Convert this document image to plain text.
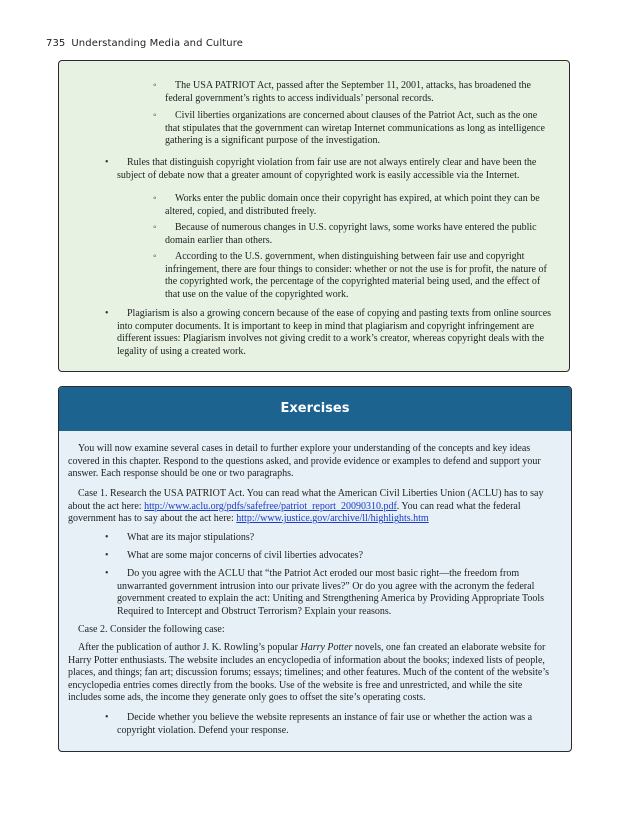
735 Understanding Media and Culture
◦	The USA PATRIOT Act, passed after the September 11, 2001, attacks, has broadened the federal government’s rights to access individuals’ personal records.
◦	Civil liberties organizations are concerned about clauses of the Patriot Act, such as the one that stipulates that the government can wiretap Internet communications as long as intelligence gathering is a significant purpose of the investigation.
•	Rules that distinguish copyright violation from fair use are not always entirely clear and have been the subject of debate now that a greater amount of copyrighted work is easily accessible via the Internet.
◦	Works enter the public domain once their copyright has expired, at which point they can be altered, copied, and distributed freely.
◦	Because of numerous changes in U.S. copyright laws, some works have entered the public domain earlier than others.
◦	According to the U.S. government, when distinguishing between fair use and copyright infringement, there are four things to consider: whether or not the use is for profit, the nature of the copyrighted work, the percentage of the copyrighted material being used, and the effect of that use on the value of the copyrighted work.
•	Plagiarism is also a growing concern because of the ease of copying and pasting texts from online sources into computer documents. It is important to keep in mind that plagiarism and copyright infringement are different issues: Plagiarism involves not giving credit to a work’s creator, whereas copyright deals with the legality of using a created work.
Exercises
You will now examine several cases in detail to further explore your understanding of the concepts and key ideas covered in this chapter. Respond to the questions asked, and provide evidence or examples to defend and support your answer. Each response should be one or two paragraphs.
Case 1. Research the USA PATRIOT Act. You can read what the American Civil Liberties Union (ACLU) has to say about the act here: http://www.aclu.org/pdfs/safefree/patriot_report_20090310.pdf. You can read what the federal government has to say about the act here: http://www.justice.gov/archive/ll/highlights.htm
•	What are its major stipulations?
•	What are some major concerns of civil liberties advocates?
•	Do you agree with the ACLU that “the Patriot Act eroded our most basic right—the freedom from unwarranted government intrusion into our private lives?” Or do you agree with the acronym the federal government created to explain the act: Uniting and Strengthening America by Providing Appropriate Tools Required to Intercept and Obstruct Terrorism? Explain your reasons.
Case 2. Consider the following case:
After the publication of author J. K. Rowling’s popular Harry Potter novels, one fan created an elaborate website for Harry Potter enthusiasts. The website includes an encyclopedia of information about the books; indexed lists of people, places, and things; fan art; discussion forums; essays; timelines; and other features. Much of the content of the website’s encyclopedia entries comes directly from the books. Use of the website is free and unrestricted, and while the site includes some ads, the income they generate only goes to offset the site’s operating costs.
•	Decide whether you believe the website represents an instance of fair use or whether the action was a copyright violation. Defend your response.
